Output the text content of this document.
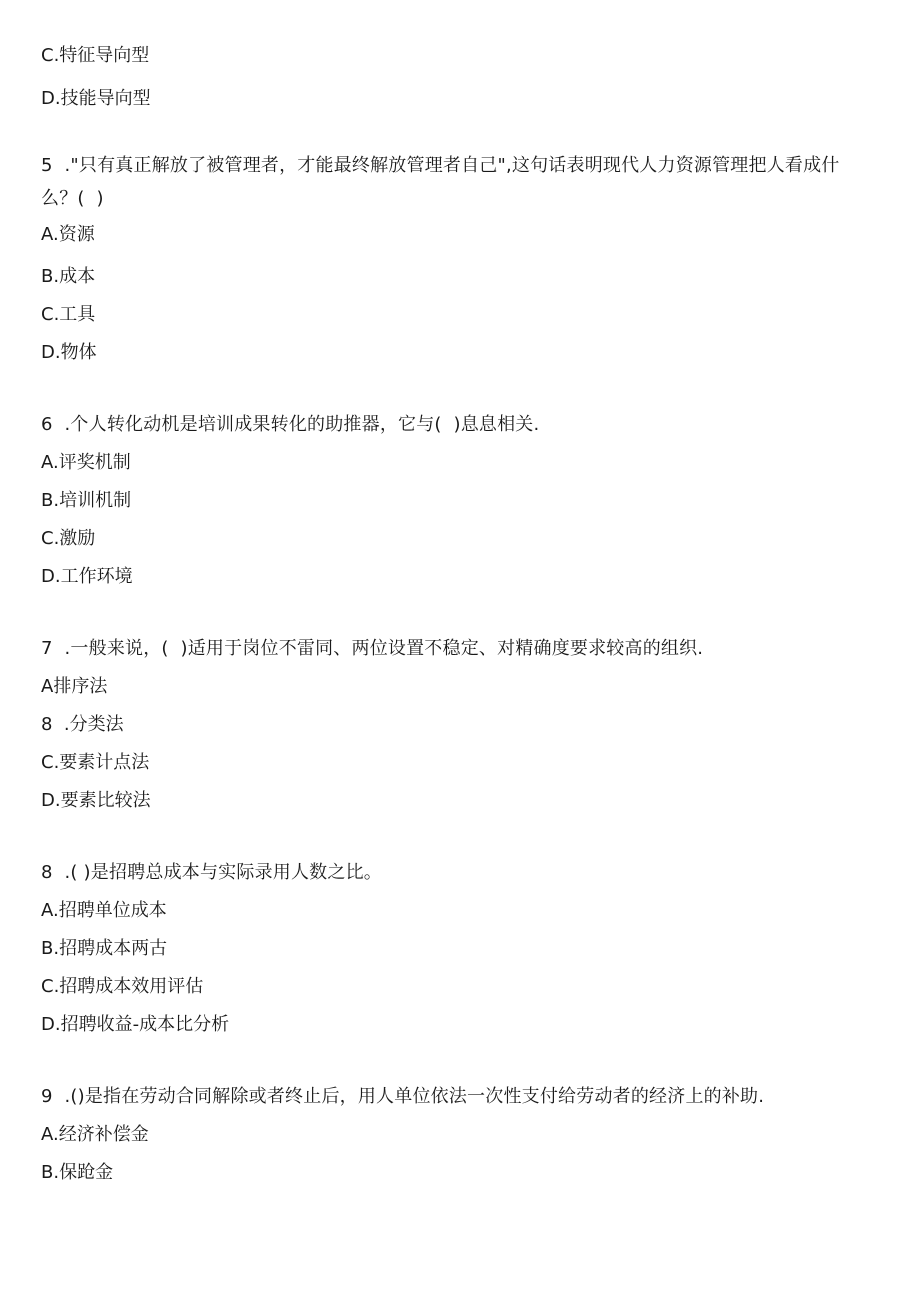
C.特征导向型
D.技能导向型
5  ."只有真正解放了被管理者，才能最终解放管理者自己",这句话表明现代人力资源管理把人看成什
么？(  )
A.资源
B.成本
C.工具
D.物体
6  .个人转化动机是培训成果转化的助推器，它与(  )息息相关.
A.评奖机制
B.培训机制
C.激励
D.工作环境
7  .一般来说，(  )适用于岗位不雷同、两位设置不稳定、对精确度要求较高的组织.
A排序法
8  .分类法
C.要素计点法
D.要素比较法
8  .( )是招聘总成本与实际录用人数之比。
A.招聘单位成本
B.招聘成本两古
C.招聘成本效用评估
D.招聘收益-成本比分析
9  .()是指在劳动合同解除或者终止后，用人单位依法一次性支付给劳动者的经济上的补助.
A.经济补偿金
B.保跄金
